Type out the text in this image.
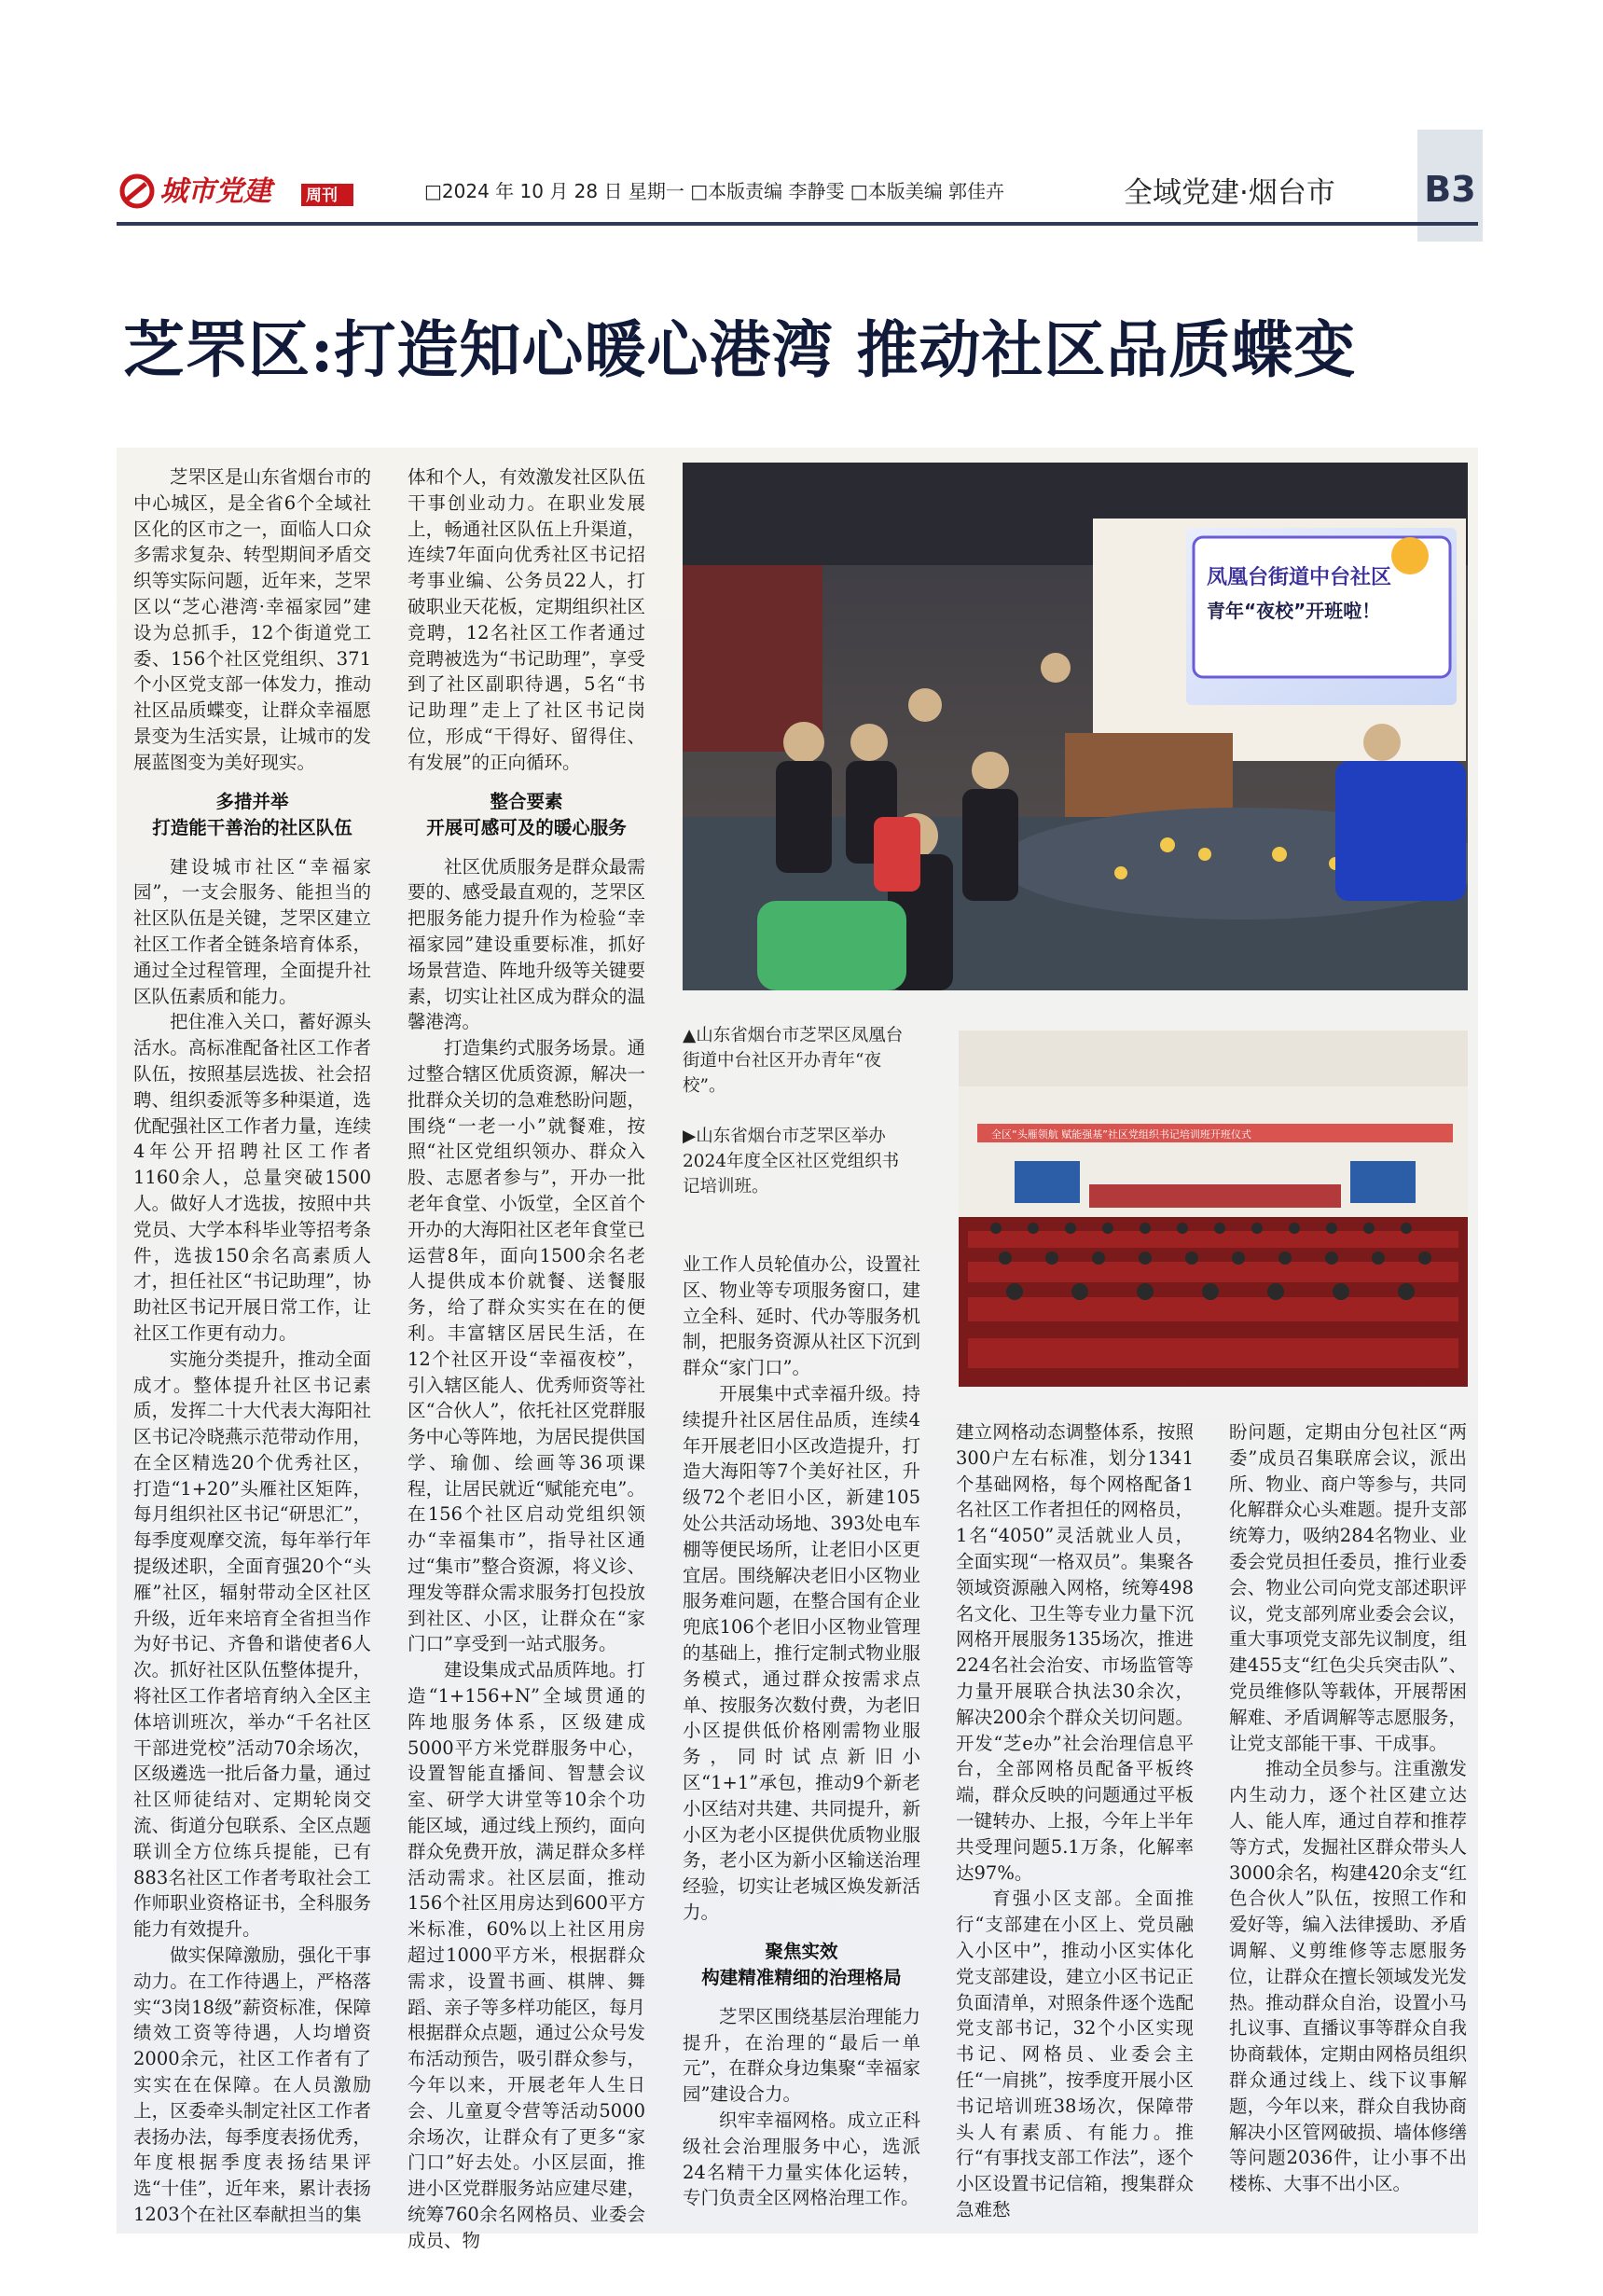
城市党建 周刊	□2024 年 10 月 28 日 星期一 □本版责编 李静雯 □本版美编 郭佳卉	全域党建·烟台市	B3
芝罘区:打造知心暖心港湾 推动社区品质蝶变

芝罘区是山东省烟台市的中心城区，是全省6个全域社区化的区市之一，面临人口众多需求复杂、转型期间矛盾交织等实际问题，近年来，芝罘区以“芝心港湾·幸福家园”建设为总抓手，12个街道党工委、156个社区党组织、371个小区党支部一体发力，推动社区品质蝶变，让群众幸福愿景变为生活实景，让城市的发展蓝图变为美好现实。

多措并举
打造能干善治的社区队伍

建设城市社区“幸福家园”，一支会服务、能担当的社区队伍是关键，芝罘区建立社区工作者全链条培育体系，通过全过程管理，全面提升社区队伍素质和能力。

把住准入关口，蓄好源头活水。高标准配备社区工作者队伍，按照基层选拔、社会招聘、组织委派等多种渠道，选优配强社区工作者力量，连续4年公开招聘社区工作者1160余人，总量突破1500人。做好人才选拔，按照中共党员、大学本科毕业等招考条件，选拔150余名高素质人才，担任社区“书记助理”，协助社区书记开展日常工作，让社区工作更有动力。

实施分类提升，推动全面成才。整体提升社区书记素质，发挥二十大代表大海阳社区书记冷晓燕示范带动作用，在全区精选20个优秀社区，打造“1+20”头雁社区矩阵，每月组织社区书记“研思汇”，每季度观摩交流，每年举行年提级述职，全面育强20个“头雁”社区，辐射带动全区社区升级，近年来培育全省担当作为好书记、齐鲁和谐使者6人次。抓好社区队伍整体提升，将社区工作者培育纳入全区主体培训班次，举办“千名社区干部进党校”活动70余场次，区级遴选一批后备力量，通过社区师徒结对、定期轮岗交流、街道分包联系、全区点题联训全方位练兵提能，已有883名社区工作者考取社会工作师职业资格证书，全科服务能力有效提升。

做实保障激励，强化干事动力。在工作待遇上，严格落实“3岗18级”薪资标准，保障绩效工资等待遇，人均增资2000余元，社区工作者有了实实在在保障。在人员激励上，区委牵头制定社区工作者表扬办法，每季度表扬优秀，年度根据季度表扬结果评选“十佳”，近年来，累计表扬1203个在社区奉献担当的集

体和个人，有效激发社区队伍干事创业动力。在职业发展上，畅通社区队伍上升渠道，连续7年面向优秀社区书记招考事业编、公务员22人，打破职业天花板，定期组织社区竞聘，12名社区工作者通过竞聘被选为“书记助理”，享受到了社区副职待遇，5名“书记助理”走上了社区书记岗位，形成“干得好、留得住、有发展”的正向循环。

整合要素
开展可感可及的暖心服务

社区优质服务是群众最需要的、感受最直观的，芝罘区把服务能力提升作为检验“幸福家园”建设重要标准，抓好场景营造、阵地升级等关键要素，切实让社区成为群众的温馨港湾。

打造集约式服务场景。通过整合辖区优质资源，解决一批群众关切的急难愁盼问题，围绕“一老一小”就餐难，按照“社区党组织领办、群众入股、志愿者参与”，开办一批老年食堂、小饭堂，全区首个开办的大海阳社区老年食堂已运营8年，面向1500余名老人提供成本价就餐、送餐服务，给了群众实实在在的便利。丰富辖区居民生活，在12个社区开设“幸福夜校”，引入辖区能人、优秀师资等社区“合伙人”，依托社区党群服务中心等阵地，为居民提供国学、瑜伽、绘画等36项课程，让居民就近“赋能充电”。在156个社区启动党组织领办“幸福集市”，指导社区通过“集市”整合资源，将义诊、理发等群众需求服务打包投放到社区、小区，让群众在“家门口”享受到一站式服务。

建设集成式品质阵地。打造“1+156+N”全域贯通的阵地服务体系，区级建成5000平方米党群服务中心，设置智能直播间、智慧会议室、研学大讲堂等10余个功能区域，通过线上预约，面向群众免费开放，满足群众多样活动需求。社区层面，推动156个社区用房达到600平方米标准，60%以上社区用房超过1000平方米，根据群众需求，设置书画、棋牌、舞蹈、亲子等多样功能区，每月根据群众点题，通过公众号发布活动预告，吸引群众参与，今年以来，开展老年人生日会、儿童夏令营等活动5000余场次，让群众有了更多“家门口”好去处。小区层面，推进小区党群服务站应建尽建，统筹760余名网格员、业委会成员、物

凤凰台街道中台社区
青年“夜校”开班啦！
▲山东省烟台市芝罘区凤凰台街道中台社区开办青年“夜校”。
▶山东省烟台市芝罘区举办2024年度全区社区党组织书记培训班。
全区“头雁领航 赋能强基”社区党组织书记培训班开班仪式

业工作人员轮值办公，设置社区、物业等专项服务窗口，建立全科、延时、代办等服务机制，把服务资源从社区下沉到群众“家门口”。

开展集中式幸福升级。持续提升社区居住品质，连续4年开展老旧小区改造提升，打造大海阳等7个美好社区，升级72个老旧小区，新建105处公共活动场地、393处电车棚等便民场所，让老旧小区更宜居。围绕解决老旧小区物业服务难问题，在整合国有企业兜底106个老旧小区物业管理的基础上，推行定制式物业服务模式，通过群众按需求点单、按服务次数付费，为老旧小区提供低价格刚需物业服务，同时试点新旧小区“1+1”承包，推动9个新老小区结对共建、共同提升，新小区为老小区提供优质物业服务，老小区为新小区输送治理经验，切实让老城区焕发新活力。

聚焦实效
构建精准精细的治理格局

芝罘区围绕基层治理能力提升，在治理的“最后一单元”，在群众身边集聚“幸福家园”建设合力。

织牢幸福网格。成立正科级社会治理服务中心，选派24名精干力量实体化运转，专门负责全区网格治理工作。

建立网格动态调整体系，按照300户左右标准，划分1341个基础网格，每个网格配备1名社区工作者担任的网格员，1名“4050”灵活就业人员，全面实现“一格双员”。集聚各领域资源融入网格，统筹498名文化、卫生等专业力量下沉网格开展服务135场次，推进224名社会治安、市场监管等力量开展联合执法30余次，解决200余个群众关切问题。开发“芝e办”社会治理信息平台，全部网格员配备平板终端，群众反映的问题通过平板一键转办、上报，今年上半年共受理问题5.1万条，化解率达97%。

育强小区支部。全面推行“支部建在小区上、党员融入小区中”，推动小区实体化党支部建设，建立小区书记正负面清单，对照条件逐个选配党支部书记，32个小区实现书记、网格员、业委会主任“一肩挑”，按季度开展小区书记培训班38场次，保障带头人有素质、有能力。推行“有事找支部工作法”，逐个小区设置书记信箱，搜集群众急难愁

盼问题，定期由分包社区“两委”成员召集联席会议，派出所、物业、商户等参与，共同化解群众心头难题。提升支部统筹力，吸纳284名物业、业委会党员担任委员，推行业委会、物业公司向党支部述职评议，党支部列席业委会会议，重大事项党支部先议制度，组建455支“红色尖兵突击队”、党员维修队等载体，开展帮困解难、矛盾调解等志愿服务，让党支部能干事、干成事。

推动全员参与。注重激发内生动力，逐个社区建立达人、能人库，通过自荐和推荐等方式，发掘社区群众带头人3000余名，构建420余支“红色合伙人”队伍，按照工作和爱好等，编入法律援助、矛盾调解、义剪维修等志愿服务位，让群众在擅长领域发光发热。推动群众自治，设置小马扎议事、直播议事等群众自我协商载体，定期由网格员组织群众通过线上、线下议事解题，今年以来，群众自我协商解决小区管网破损、墙体修缮等问题2036件，让小事不出楼栋、大事不出小区。
